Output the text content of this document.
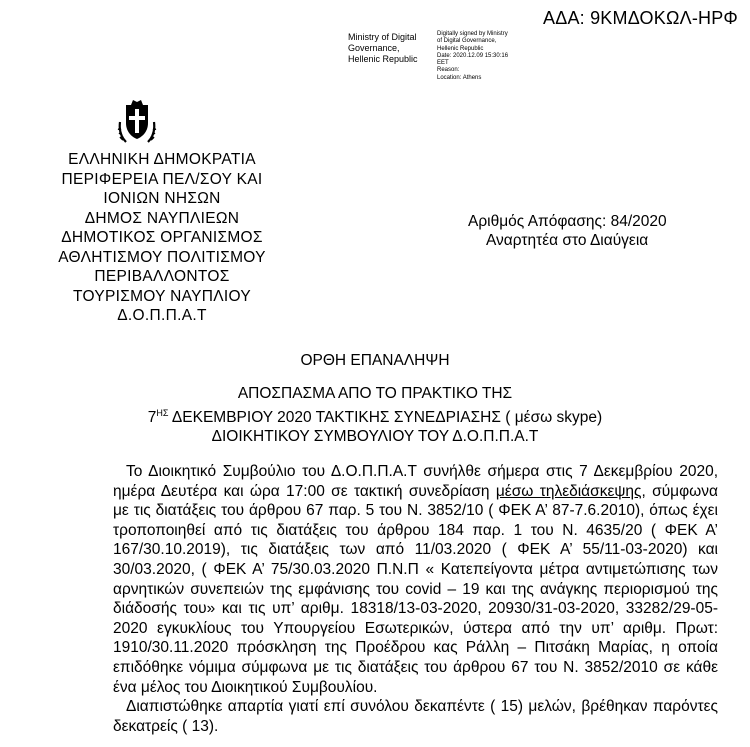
ΑΔΑ: 9ΚΜΔΟΚΩΛ-ΗΡΦ
Ministry of Digital
Governance,
Hellenic Republic
Digitally signed by Ministry
of Digital Governance,
Hellenic Republic
Date: 2020.12.09 15:30:16
EET
Reason:
Location: Athens
ΕΛΛΗΝΙΚΗ ΔΗΜΟΚΡΑΤΙΑ
ΠΕΡΙΦΕΡΕΙΑ ΠΕΛ/ΣΟΥ ΚΑΙ
ΙΟΝΙΩΝ ΝΗΣΩΝ
ΔΗΜΟΣ ΝΑΥΠΛΙΕΩΝ
ΔΗΜΟΤΙΚΟΣ ΟΡΓΑΝΙΣΜΟΣ
ΑΘΛΗΤΙΣΜΟΥ ΠΟΛΙΤΙΣΜΟΥ
ΠΕΡΙΒΑΛΛΟΝΤΟΣ
ΤΟΥΡΙΣΜΟΥ ΝΑΥΠΛΙΟΥ
Δ.Ο.Π.Π.Α.Τ
Αριθμός Απόφασης: 84/2020
Αναρτητέα στο Διαύγεια
ΟΡΘΗ ΕΠΑΝΑΛΗΨΗ
ΑΠΟΣΠΑΣΜΑ ΑΠΟ ΤΟ ΠΡΑΚΤΙΚΟ ΤΗΣ
$7^{H\Sigma}$ ΔΕΚΕΜΒΡΙΟΥ 2020 ΤΑΚΤΙΚΗΣ ΣΥΝΕΔΡΙΑΣΗΣ ( μέσω skype)
ΔΙΟΙΚΗΤΙΚΟΥ ΣΥΜΒΟΥΛΙΟΥ ΤΟΥ Δ.Ο.Π.Π.Α.Τ

Το Διοικητικό Συμβούλιο του Δ.Ο.Π.Π.Α.Τ συνήλθε σήμερα στις 7 Δεκεμβρίου 2020, ημέρα Δευτέρα και ώρα 17:00 σε τακτική συνεδρίαση μέσω τηλεδιάσκεψης, σύμφωνα με τις διατάξεις του άρθρου 67 παρ. 5 του Ν. 3852/10 ( ΦΕΚ Α’ 87-7.6.2010), όπως έχει τροποποιηθεί από τις διατάξεις του άρθρου 184 παρ. 1 του Ν. 4635/20 ( ΦΕΚ Α’ 167/30.10.2019), τις διατάξεις των από 11/03.2020 ( ΦΕΚ Α’ 55/11-03-2020) και 30/03.2020, ( ΦΕΚ Α’ 75/30.03.2020 Π.Ν.Π « Κατεπείγοντα μέτρα αντιμετώπισης των αρνητικών συνεπειών της εμφάνισης του covid – 19 και της ανάγκης περιορισμού της διάδοσής του» και τις υπ’ αριθμ. 18318/13-03-2020, 20930/31-03-2020, 33282/29-05-2020 εγκυκλίους του Υπουργείου Εσωτερικών, ύστερα από την υπ’ αριθμ. Πρωτ: 1910/30.11.2020 πρόσκληση της Προέδρου κας Ράλλη – Πιτσάκη Μαρίας, η οποία επιδόθηκε νόμιμα σύμφωνα με τις διατάξεις του άρθρου 67 του Ν. 3852/2010 σε κάθε ένα μέλος του Διοικητικού Συμβουλίου.

Διαπιστώθηκε απαρτία γιατί επί συνόλου δεκαπέντε ( 15) μελών, βρέθηκαν παρόντες δεκατρείς ( 13).
